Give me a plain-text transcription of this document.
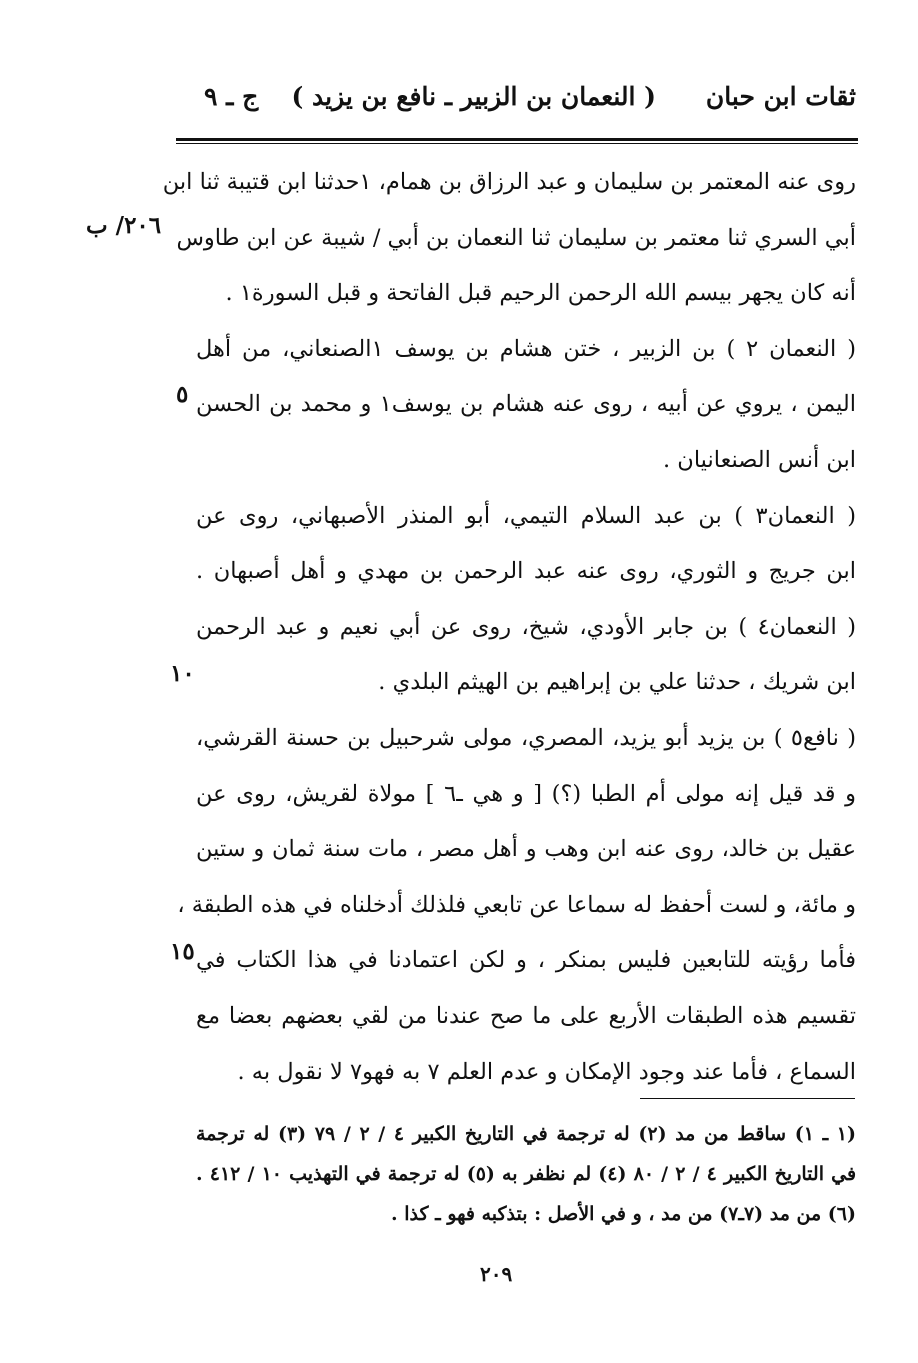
ثقات ابن حبان
( النعمان بن الزبير ـ نافع بن يزيد )
ج ـ ٩
٢٠٦/ ب
٥
١٠
١٥
روى عنه المعتمر بن سليمان و عبد الرزاق بن همام، ١حدثنا ابن قتيبة ثنا ابن
أبي السري ثنا معتمر بن سليمان ثنا النعمان بن أبي / شيبة عن ابن طاوس
أنه كان يجهر بيسم الله الرحمن الرحيم قبل الفاتحة و قبل السورة١ .
( النعمان ٢ ) بن الزبير ، ختن هشام بن يوسف ١الصنعاني، من أهل
اليمن ، يروي عن أبيه ، روى عنه هشام بن يوسف١ و محمد بن الحسن
ابن أنس الصنعانيان .
( النعمان٣ ) بن عبد السلام التيمي، أبو المنذر الأصبهاني، روى عن
ابن جريج و الثوري، روى عنه عبد الرحمن بن مهدي و أهل أصبهان .
( النعمان٤ ) بن جابر الأودي، شيخ، روى عن أبي نعيم و عبد الرحمن
ابن شريك ، حدثنا علي بن إبراهيم بن الهيثم البلدي .
( نافع٥ ) بن يزيد أبو يزيد، المصري، مولى شرحبيل بن حسنة القرشي،
و قد قيل إنه مولى أم الطبا (؟) [ و هي ـ٦ ] مولاة لقريش، روى عن
عقيل بن خالد، روى عنه ابن وهب و أهل مصر ، مات سنة ثمان و ستين
و مائة، و لست أحفظ له سماعا عن تابعي فلذلك أدخلناه في هذه الطبقة ،
فأما رؤيته للتابعين فليس بمنكر ، و لكن اعتمادنا في هذا الكتاب في
تقسيم هذه الطبقات الأربع على ما صح عندنا من لقي بعضهم بعضا مع
السماع ، فأما عند وجود الإمكان و عدم العلم ٧ به فهو٧ لا نقول به .
(١ ـ ١) ساقط من مد (٢) له ترجمة في التاريخ الكبير ٤ / ٢ / ٧٩ (٣) له ترجمة
في التاريخ الكبير ٤ / ٢ / ٨٠ (٤) لم نظفر به (٥) له ترجمة في التهذيب ١٠ / ٤١٢ .
(٦) من مد (٧ـ٧) من مد ، و في الأصل : بتذكبه فهو ـ كذا .
٢٠٩
